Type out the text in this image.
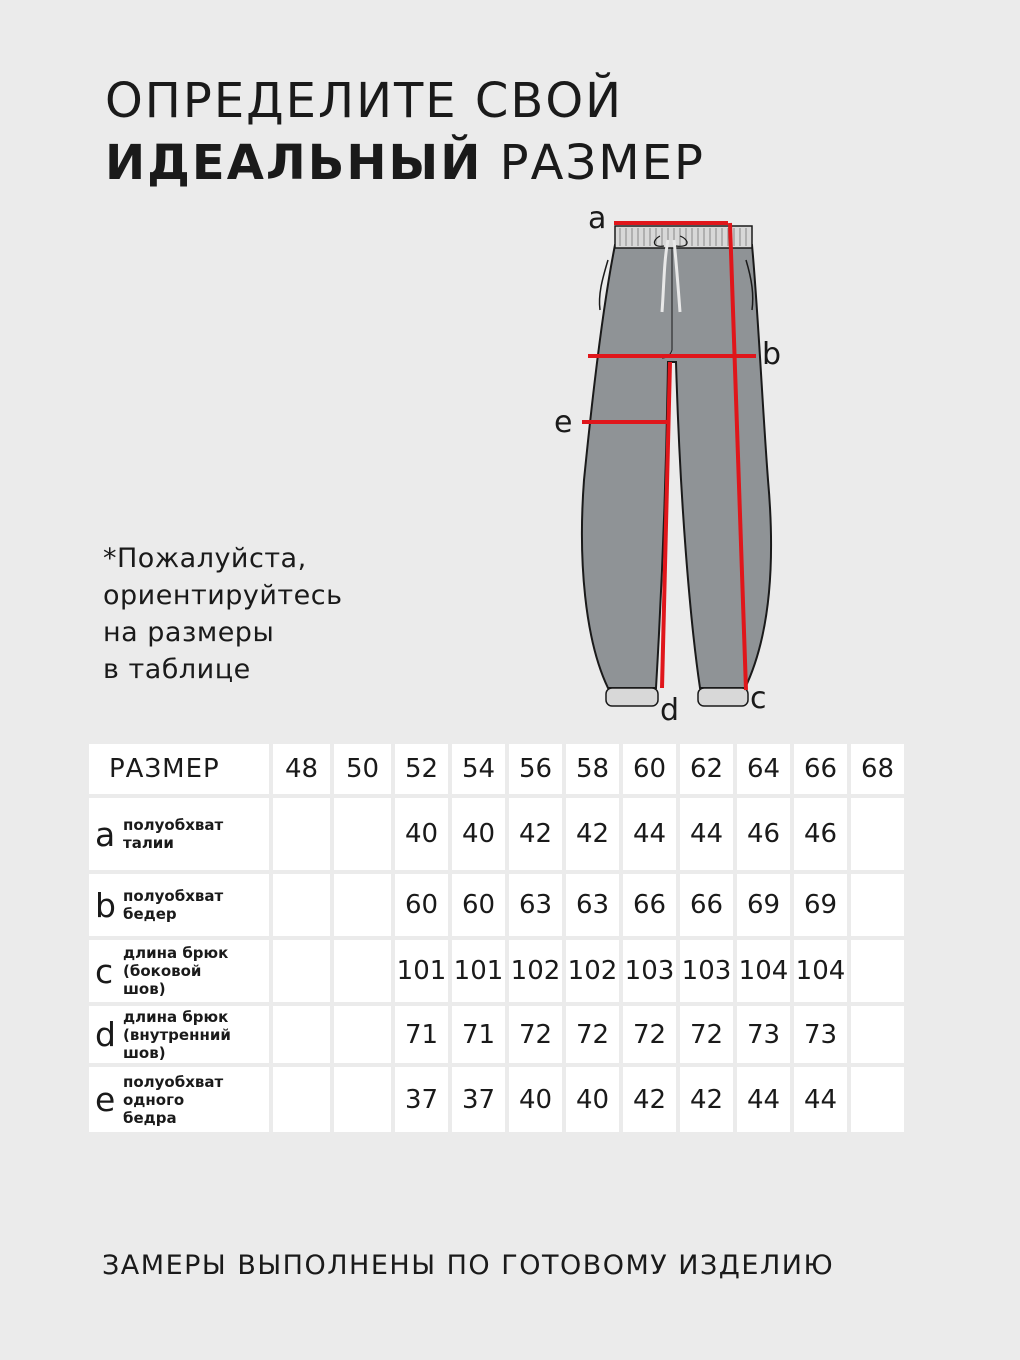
ОПРЕДЕЛИТЕ СВОЙ
ИДЕАЛЬНЫЙ РАЗМЕР
a
b
e
c
d
*Пожалуйста,
ориентируйтесь
на размеры
в таблице
РАЗМЕР	48	50	52	54	56	58	60	62	64	66	68

a полуобхват
талии			40	40	42	42	44	44	46	46	

b полуобхват
бедер			60	60	63	63	66	66	69	69	

c длина брюк
(боковой
шов)			101	101	102	102	103	103	104	104	

d длина брюк
(внутренний
шов)			71	71	72	72	72	72	73	73	

e полуобхват
одного
бедра			37	37	40	40	42	42	44	44	
ЗАМЕРЫ ВЫПОЛНЕНЫ ПО ГОТОВОМУ ИЗДЕЛИЮ
